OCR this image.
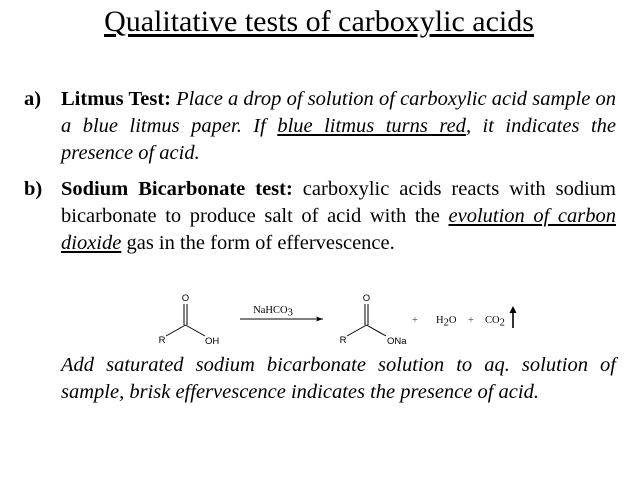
Qualitative tests of carboxylic acids
a) Litmus Test: Place a drop of solution of carboxylic acid sample on a blue litmus paper. If blue litmus turns red, it indicates the presence of acid.
b) Sodium Bicarbonate test: carboxylic acids reacts with sodium bicarbonate to produce salt of acid with the evolution of carbon dioxide gas in the form of effervescence.
O
R	OH
NaHCO3
O
R	ONa
+ H2O + CO2
Add saturated sodium bicarbonate solution to aq. solution of sample, brisk effervescence indicates the presence of acid.
